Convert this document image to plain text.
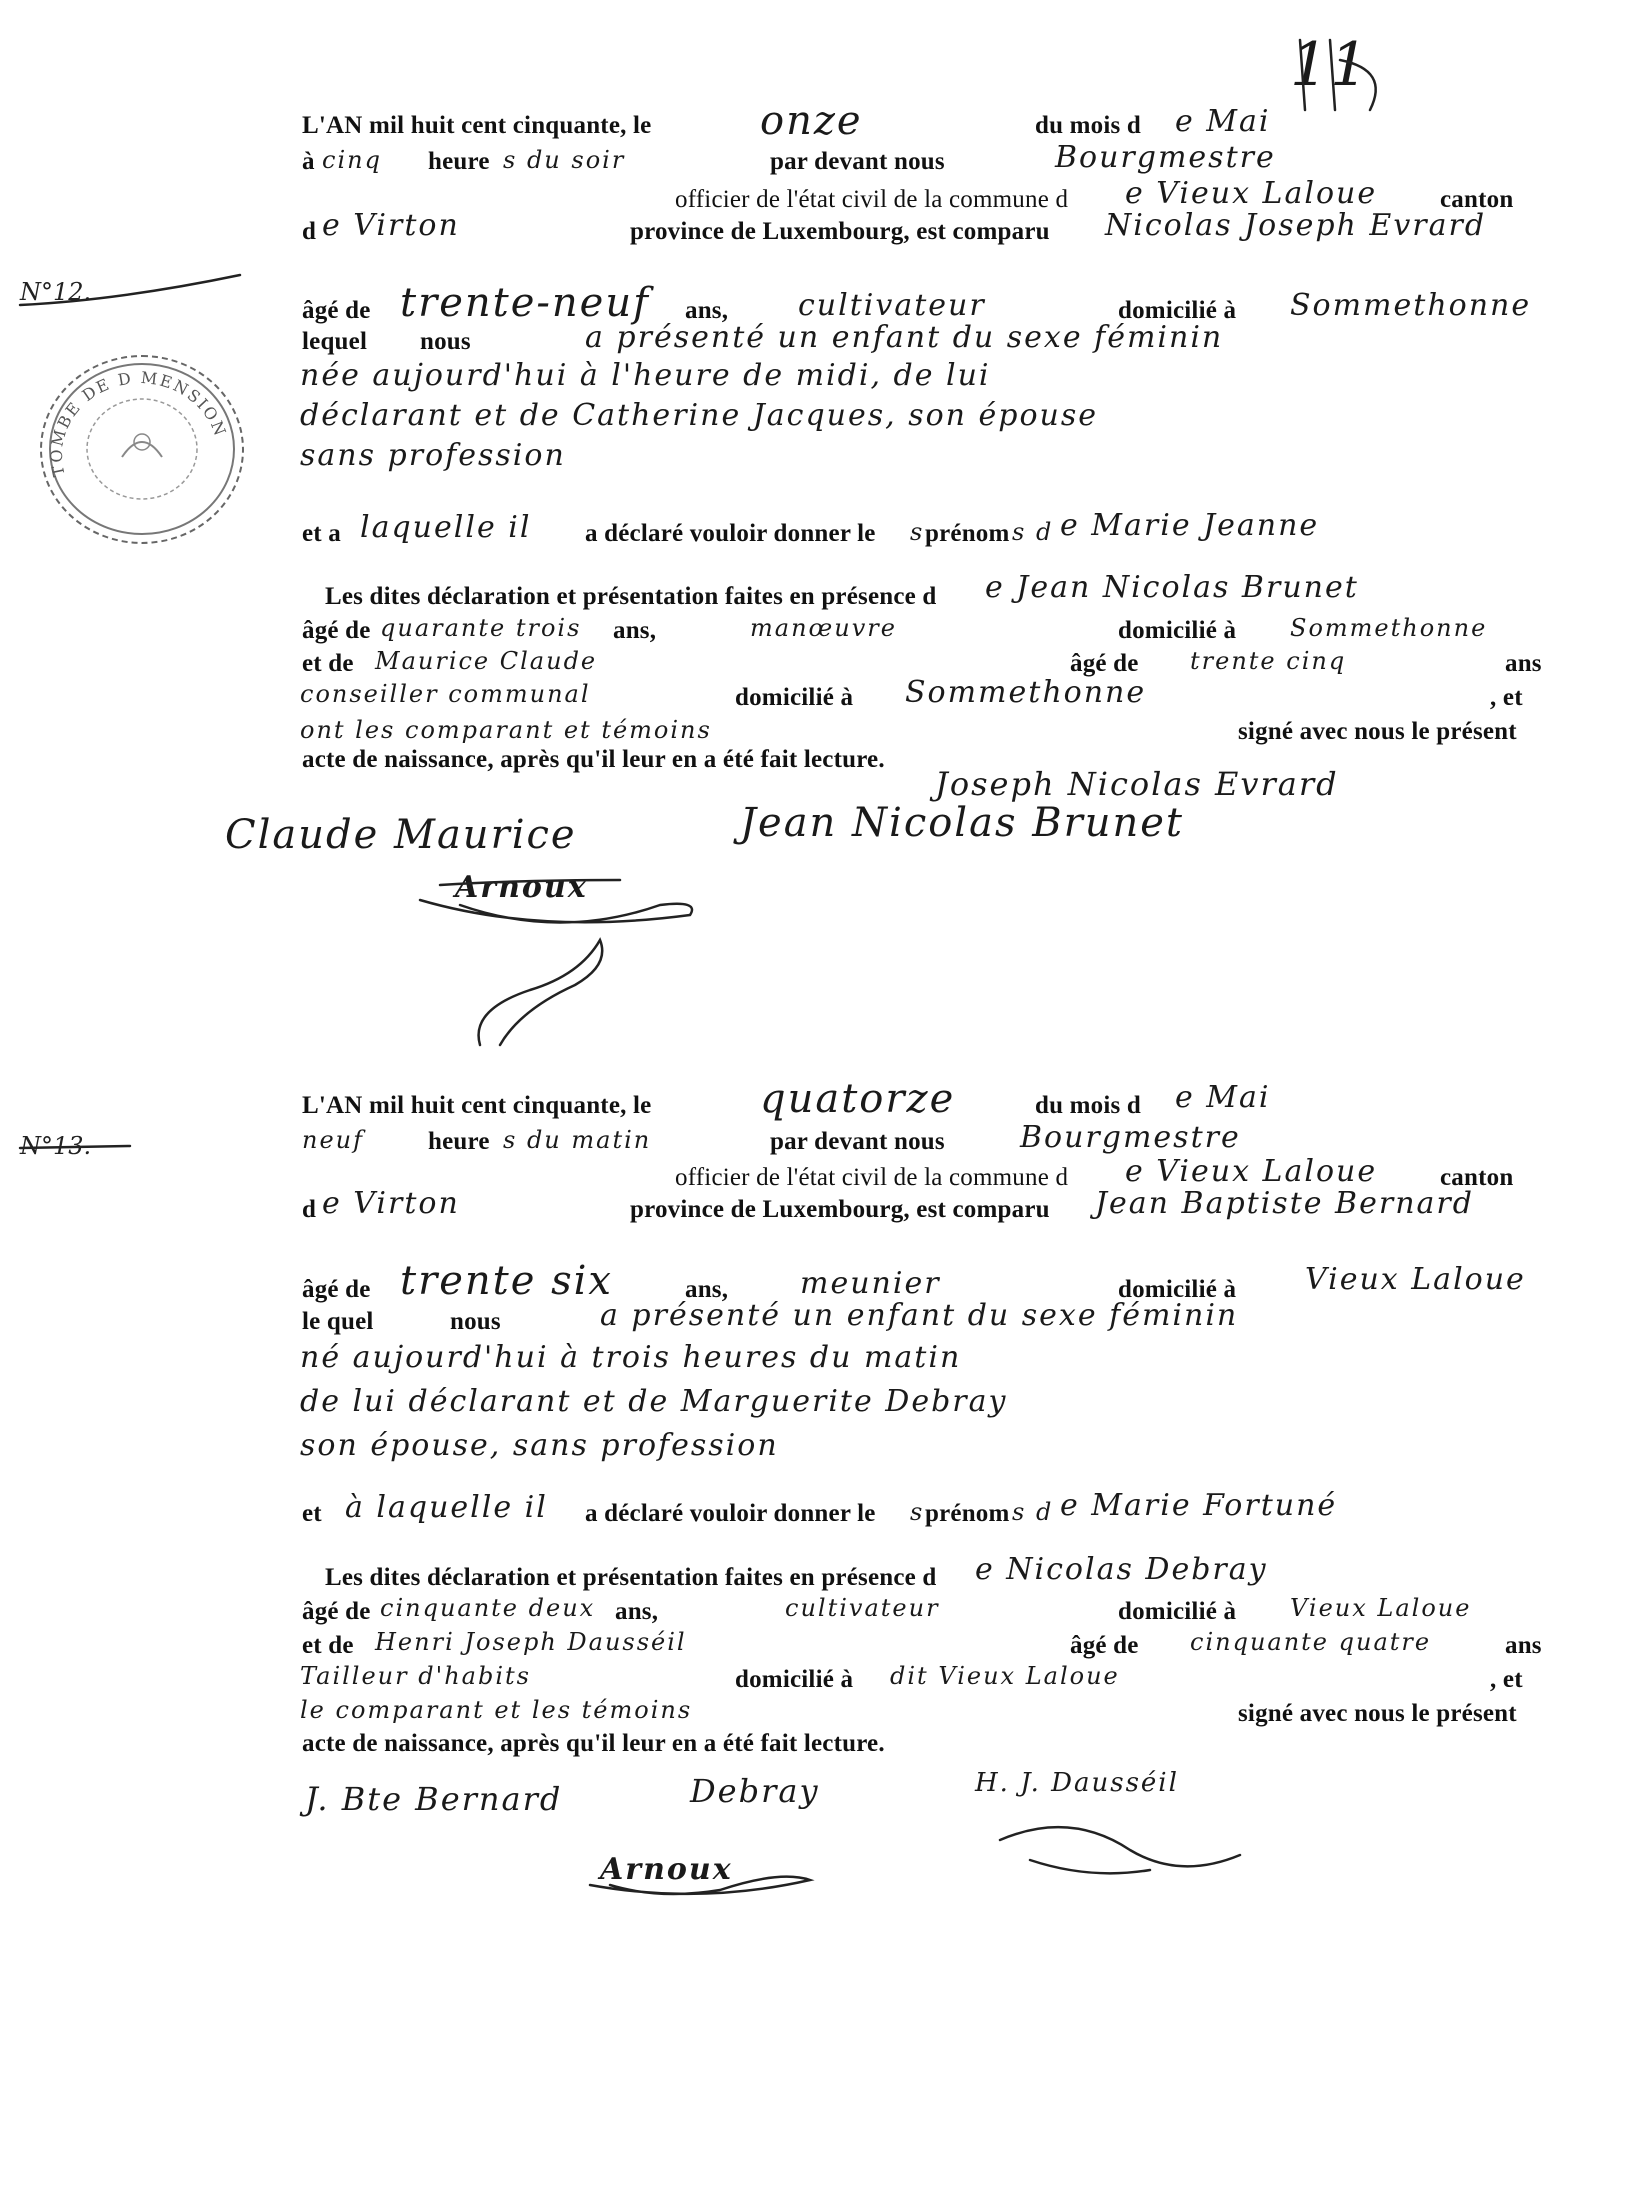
11
N°12.
L'AN mil huit cent cinquante, le	onze	du mois d e Mai
à cinq heure s du soir	par devant nous	Bourgmestre
officier de l'état civil de la commune d e Vieux Laloue	canton
d e Virton	province de Luxembourg, est comparu Nicolas Joseph Evrard
âgé de trente-neuf ans, cultivateur	domicilié à Sommethonne
lequel nous	a présenté un enfant du sexe féminin
née aujourd'hui à l'heure de midi, de lui
déclarant et de Catherine Jacques, son épouse
sans profession
et a laquelle il a déclaré vouloir donner le s prénom s d e Marie Jeanne
Les dites déclaration et présentation faites en présence d e Jean Nicolas Brunet
âgé de quarante trois ans,	manœuvre	domicilié à Sommethonne
et de Maurice Claude	âgé de trente cinq	ans
conseiller communal	domicilié à Sommethonne	, et
ont les comparant et témoins	signé avec nous le présent
acte de naissance, après qu'il leur en a été fait lecture.
Joseph Nicolas Evrard
Claude Maurice	Jean Nicolas Brunet
Arnoux
N°13.
L'AN mil huit cent cinquante, le	quatorze	du mois d e Mai
neuf	heure s du matin	par devant nous	Bourgmestre
officier de l'état civil de la commune d e Vieux Laloue	canton
d e Virton	province de Luxembourg, est comparu Jean Baptiste Bernard
âgé de trente six	ans, meunier	domicilié à Vieux Laloue
le quel	nous	a présenté un enfant du sexe féminin
né aujourd'hui à trois heures du matin
de lui déclarant et de Marguerite Debray
son épouse, sans profession
et à laquelle il a déclaré vouloir donner le s prénom s d e Marie Fortuné
Les dites déclaration et présentation faites en présence d e Nicolas Debray
âgé de cinquante deux ans,	cultivateur	domicilié à Vieux Laloue
et de Henri Joseph Dausséil	âgé de cinquante quatre	ans
Tailleur d'habits	domicilié à dit Vieux Laloue	, et
le comparant et les témoins	signé avec nous le présent
acte de naissance, après qu'il leur en a été fait lecture.
J. Bte Bernard	Debray	H. J. Dausséil
Arnoux
TOMBE DE D MENSION
